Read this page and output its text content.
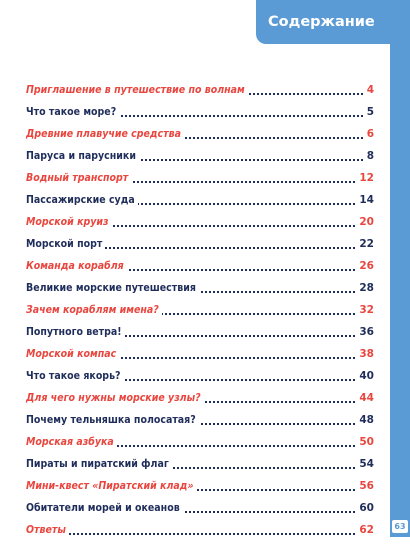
Содержание
Приглашение в путешествие по волнам	4
Что такое море?	5
Древние плавучие средства	6
Паруса и парусники	8
Водный транспорт	12
Пассажирские суда	14
Морской круиз	20
Морской порт	22
Команда корабля	26
Великие морские путешествия	28
Зачем кораблям имена?	32
Попутного ветра!	36
Морской компас	38
Что такое якорь?	40
Для чего нужны морские узлы?	44
Почему тельняшка полосатая?	48
Морская азбука	50
Пираты и пиратский флаг	54
Мини-квест «Пиратский клад»	56
Обитатели морей и океанов	60
Ответы	62	63
